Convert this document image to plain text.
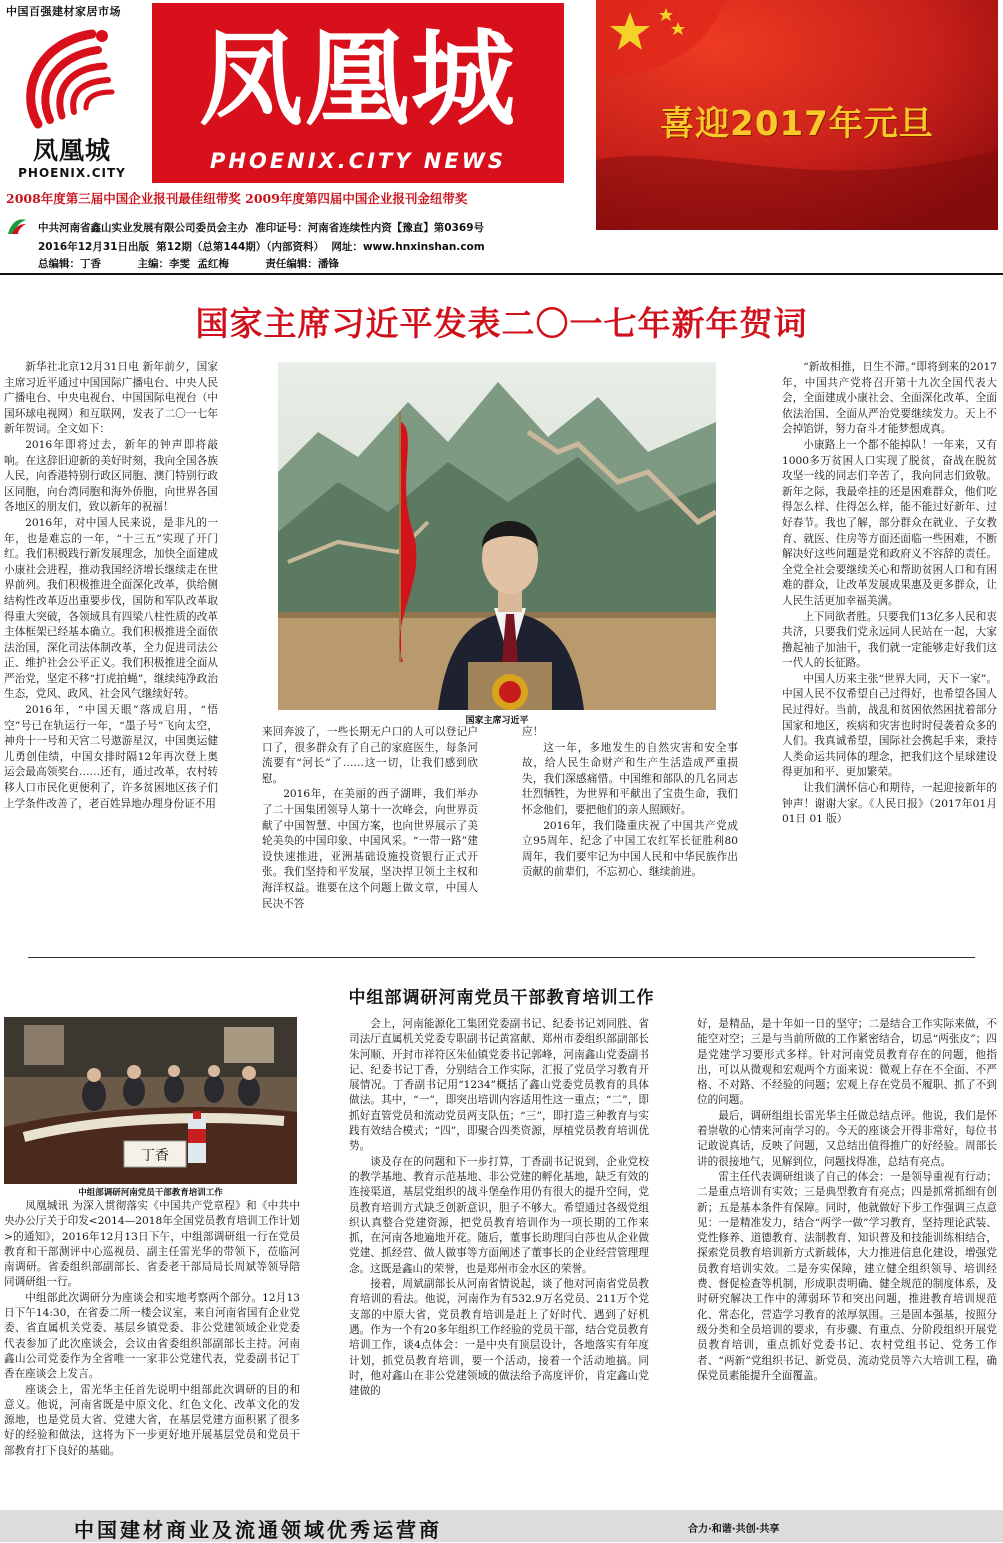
中国百强建材家居市场
凤凰城
PHOENIX.CITY
凤凰城
PHOENIX.CITY NEWS
喜迎2017年元旦
2008年度第三届中国企业报刊最佳纽带奖 2009年度第四届中国企业报刊金纽带奖
中共河南省鑫山实业发展有限公司委员会主办  准印证号：河南省连续性内资【豫直】第0369号
2016年12月31日出版  第12期（总第144期）（内部资料）  网址：www.hnxinshan.com
总编辑：丁香          主编：李雯  孟红梅          责任编辑：潘锋
国家主席习近平发表二〇一七年新年贺词

新华社北京12月31日电 新年前夕，国家主席习近平通过中国国际广播电台、中央人民广播电台、中央电视台、中国国际电视台（中国环球电视网）和互联网，发表了二〇一七年新年贺词。全文如下：

2016年即将过去，新年的钟声即将敲响。在这辞旧迎新的美好时刻，我向全国各族人民，向香港特别行政区同胞、澳门特别行政区同胞，向台湾同胞和海外侨胞，向世界各国各地区的朋友们，致以新年的祝福！

2016年，对中国人民来说，是非凡的一年，也是难忘的一年，“十三五”实现了开门红。我们积极践行新发展理念，加快全面建成小康社会进程，推动我国经济增长继续走在世界前列。我们积极推进全面深化改革，供给侧结构性改革迈出重要步伐，国防和军队改革取得重大突破，各领域具有四梁八柱性质的改革主体框架已经基本确立。我们积极推进全面依法治国，深化司法体制改革，全力促进司法公正、维护社会公平正义。我们积极推进全面从严治党，坚定不移“打虎拍蝇”，继续纯净政治生态，党风、政风、社会风气继续好转。

2016年，“中国天眼”落成启用，“悟空”号已在轨运行一年，“墨子号”飞向太空，神舟十一号和天宫二号遨游星汉，中国奥运健儿勇创佳绩，中国女排时隔12年再次登上奥运会最高领奖台……还有，通过改革，农村转移人口市民化更便利了，许多贫困地区孩子们上学条件改善了，老百姓异地办理身份证不用

国家主席习近平

来回奔波了，一些长期无户口的人可以登记户口了，很多群众有了自己的家庭医生，每条河流要有“河长”了……这一切，让我们感到欣慰。

2016年，在美丽的西子湖畔，我们举办了二十国集团领导人第十一次峰会，向世界贡献了中国智慧、中国方案，也向世界展示了美轮美奂的中国印象、中国风采。“一带一路”建设快速推进，亚洲基础设施投资银行正式开张。我们坚持和平发展，坚决捍卫领土主权和海洋权益。谁要在这个问题上做文章，中国人民决不答

应！

这一年，多地发生的自然灾害和安全事故，给人民生命财产和生产生活造成严重损失，我们深感痛惜。中国维和部队的几名同志壮烈牺牲，为世界和平献出了宝贵生命，我们怀念他们，要把他们的亲人照顾好。

2016年，我们隆重庆祝了中国共产党成立95周年、纪念了中国工农红军长征胜利80周年，我们要牢记为中国人民和中华民族作出贡献的前辈们，不忘初心、继续前进。

“新故相推，日生不滞。”即将到来的2017年，中国共产党将召开第十九次全国代表大会，全面建成小康社会、全面深化改革、全面依法治国、全面从严治党要继续发力。天上不会掉馅饼，努力奋斗才能梦想成真。

小康路上一个都不能掉队！一年来，又有1000多万贫困人口实现了脱贫，奋战在脱贫攻坚一线的同志们辛苦了，我向同志们致敬。新年之际，我最牵挂的还是困难群众，他们吃得怎么样、住得怎么样，能不能过好新年、过好春节。我也了解，部分群众在就业、子女教育、就医、住房等方面还面临一些困难，不断解决好这些问题是党和政府义不容辞的责任。全党全社会要继续关心和帮助贫困人口和有困难的群众，让改革发展成果惠及更多群众，让人民生活更加幸福美满。

上下同欲者胜。只要我们13亿多人民和衷共济，只要我们党永远同人民站在一起，大家撸起袖子加油干，我们就一定能够走好我们这一代人的长征路。

中国人历来主张“世界大同，天下一家”。中国人民不仅希望自己过得好，也希望各国人民过得好。当前，战乱和贫困依然困扰着部分国家和地区，疾病和灾害也时时侵袭着众多的人们。我真诚希望，国际社会携起手来，秉持人类命运共同体的理念，把我们这个星球建设得更加和平、更加繁荣。

让我们满怀信心和期待，一起迎接新年的钟声！谢谢大家。《人民日报》（2017年01月01日 01 版）

中组部调研河南党员干部教育培训工作
丁香
中组部调研河南党员干部教育培训工作

凤凰城讯 为深入贯彻落实《中国共产党章程》和《中共中央办公厅关于印发<2014—2018年全国党员教育培训工作计划>的通知》，2016年12月13日下午，中组部调研组一行在党员教育和干部测评中心巡视员、副主任雷光华的带领下，莅临河南调研。省委组织部副部长、省委老干部局局长周斌等领导陪同调研组一行。

中组部此次调研分为座谈会和实地考察两个部分。12月13日下午14:30，在省委二所一楼会议室，来自河南省国有企业党委、省直属机关党委、基层乡镇党委、非公党建领域企业党委代表参加了此次座谈会，会议由省委组织部副部长主持。河南鑫山公司党委作为全省唯一一家非公党建代表，党委副书记丁香在座谈会上发言。

座谈会上，雷光华主任首先说明中组部此次调研的目的和意义。他说，河南省既是中原文化、红色文化、改革文化的发源地，也是党员大省、党建大省，在基层党建方面积累了很多好的经验和做法，这将为下一步更好地开展基层党员和党员干部教育打下良好的基础。

会上，河南能源化工集团党委副书记、纪委书记刘同胜、省司法厅直属机关党委专职副书记黄富献、郑州市委组织部副部长朱河顺、开封市祥符区朱仙镇党委书记郭峰，河南鑫山党委副书记、纪委书记丁香，分别结合工作实际，汇报了党员学习教育开展情况。丁香副书记用“1234”概括了鑫山党委党员教育的具体做法。其中，“一”，即突出培训内容适用性这一重点；“二”，即抓好直管党员和流动党员两支队伍；“三”，即打造三种教育与实践有效结合模式；“四”，即聚合四类资源，厚植党员教育培训优势。

谈及存在的问题和下一步打算，丁香副书记说到，企业党校的教学基地、教育示范基地、非公党建的孵化基地，缺乏有效的连接渠道，基层党组织的战斗堡垒作用仍有很大的提升空间，党员教育培训方式缺乏创新意识，胆子不够大。希望通过各级党组织认真整合党建资源，把党员教育培训作为一项长期的工作来抓，在河南各地遍地开花。随后，董事长助理闫白莎也从企业做党建、抓经营、做人做事等方面阐述了董事长的企业经营管理理念。这既是鑫山的荣誉，也是郑州市金水区的荣誉。

接着，周斌副部长从河南省情说起，谈了他对河南省党员教育培训的看法。他说，河南作为有532.9万名党员、211万个党支部的中原大省，党员教育培训是赶上了好时代、遇到了好机遇。作为一个有20多年组织工作经验的党员干部，结合党员教育培训工作，谈4点体会：一是中央有顶层设计，各地落实有年度计划，抓党员教育培训，要一个活动，接着一个活动地搞。同时，他对鑫山在非公党建领域的做法给予高度评价，肯定鑫山党建做的

好，是精品，是十年如一日的坚守；二是结合工作实际来做，不能空对空；三是与当前所做的工作紧密结合，切忌“两张皮”；四是党建学习要形式多样。针对河南党员教育存在的问题，他指出，可以从微观和宏观两个方面来说：微观上存在不全面、不严格、不对路、不经验的问题；宏观上存在党员不履职、抓了不到位的问题。

最后，调研组组长雷光华主任做总结点评。他说，我们是怀着崇敬的心情来河南学习的。今天的座谈会开得非常好，每位书记敢说真话，反映了问题，又总结出值得推广的好经验。周部长讲的很接地气，见解到位，问题找得准，总结有亮点。

雷主任代表调研组谈了自己的体会：一是领导重视有行动；二是重点培训有实效；三是典型教育有亮点；四是抓常抓细有创新；五是基本条件有保障。同时，他就做好下步工作强调三点意见：一是精准发力，结合“两学一做”学习教育，坚持理论武装、党性修养、道德教育、法制教育、知识普及和技能训练相结合，探索党员教育培训新方式新载体，大力推进信息化建设，增强党员教育培训实效。二是夯实保障，建立健全组织领导、培训经费、督促检查等机制，形成职责明确、健全规范的制度体系，及时研究解决工作中的薄弱环节和突出问题，推进教育培训规范化、常态化，营造学习教育的浓厚氛围。三是固本强基，按照分级分类和全员培训的要求，有步骤、有重点、分阶段组织开展党员教育培训，重点抓好党委书记、农村党组书记、党务工作者、“两新”党组织书记、新党员、流动党员等六大培训工程，确保党员素能提升全面覆盖。

中国建材商业及流通领域优秀运营商	合力·和谐·共创·共享
